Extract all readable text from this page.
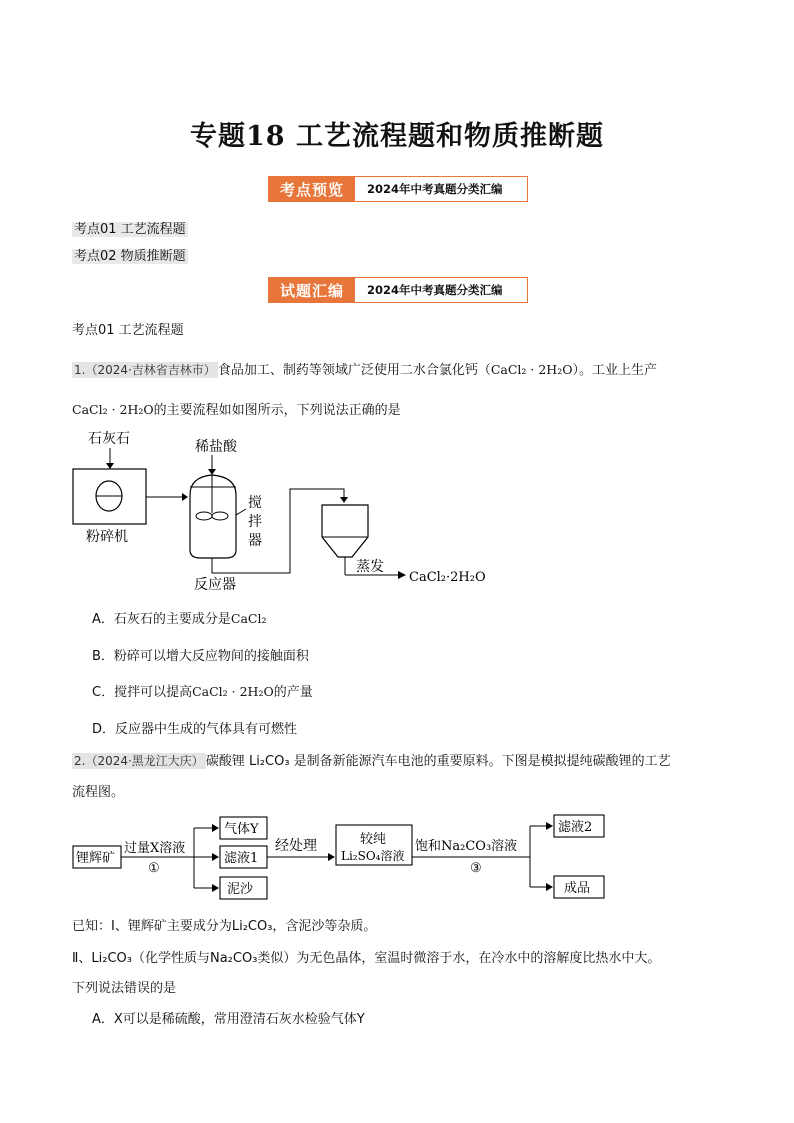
专题18 工艺流程题和物质推断题
考点预览	2024年中考真题分类汇编
考点01 工艺流程题
考点02 物质推断题
试题汇编	2024年中考真题分类汇编
考点01 工艺流程题
1.（2024·吉林省吉林市） 食品加工、制药等领域广泛使用二水合氯化钙（CaCl₂ · 2H₂O）。工业上生产
CaCl₂ · 2H₂O的主要流程如如图所示，下列说法正确的是
石灰石
粉碎机
稀盐酸
搅
拌
器
反应器
蒸发
CaCl₂·2H₂O
A．石灰石的主要成分是CaCl₂
B．粉碎可以增大反应物间的接触面积
C．搅拌可以提高CaCl₂ · 2H₂O的产量
D．反应器中生成的气体具有可燃性
2.（2024·黑龙江大庆） 碳酸锂 Li₂CO₃ 是制备新能源汽车电池的重要原料。下图是模拟提纯碳酸锂的工艺
流程图。
锂辉矿
过量X溶液
①
气体Y
滤液1
泥沙
经处理	较纯
Li₂SO₄溶液
饱和Na₂CO₃溶液
③
滤液2
成品
已知：Ⅰ、锂辉矿主要成分为Li₂CO₃，含泥沙等杂质。
Ⅱ、Li₂CO₃（化学性质与Na₂CO₃类似）为无色晶体，室温时微溶于水，在冷水中的溶解度比热水中大。
下列说法错误的是
A．X可以是稀硫酸，常用澄清石灰水检验气体Y
